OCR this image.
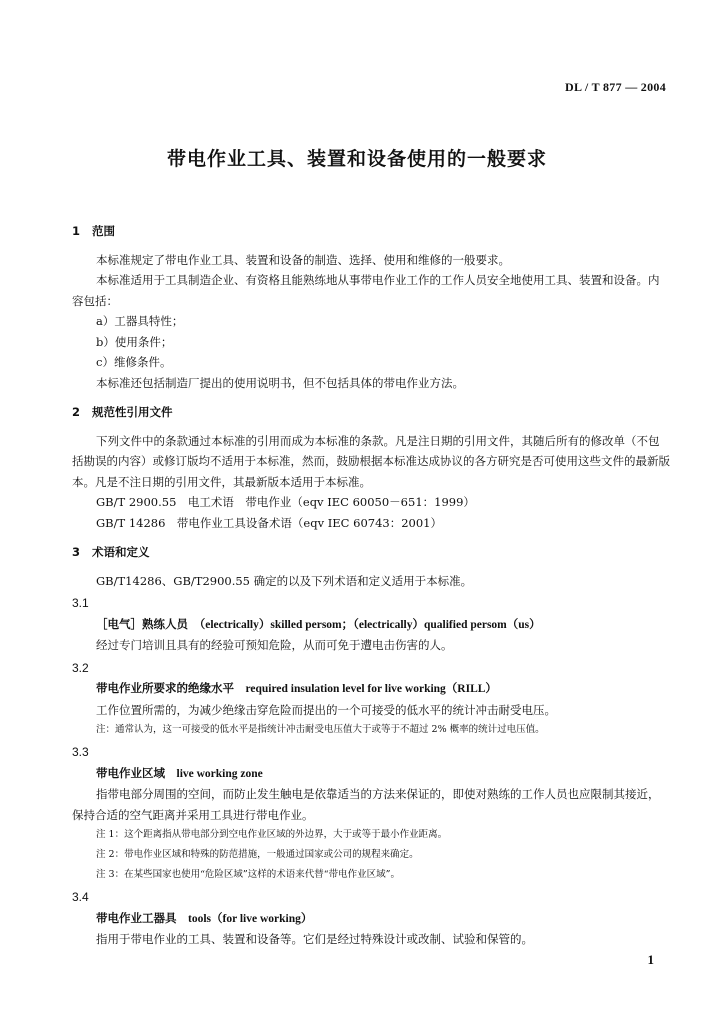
DL / T 877 — 2004
带电作业工具、装置和设备使用的一般要求
1 范围

本标准规定了带电作业工具、装置和设备的制造、选择、使用和维修的一般要求。

本标准适用于工具制造企业、有资格且能熟练地从事带电作业工作的工作人员安全地使用工具、装置和设备。内容包括：

a）工器具特性；

b）使用条件；

c）维修条件。

本标准还包括制造厂提出的使用说明书，但不包括具体的带电作业方法。

2 规范性引用文件

下列文件中的条款通过本标准的引用而成为本标准的条款。凡是注日期的引用文件，其随后所有的修改单（不包括勘误的内容）或修订版均不适用于本标准，然而，鼓励根据本标准达成协议的各方研究是否可使用这些文件的最新版本。凡是不注日期的引用文件，其最新版本适用于本标准。

GB/T 2900.55　电工术语　带电作业（eqv IEC 60050－651：1999）

GB/T 14286　带电作业工具设备术语（eqv IEC 60743：2001）

3 术语和定义

GB/T14286、GB/T2900.55 确定的以及下列术语和定义适用于本标准。

3.1

［电气］熟练人员　 （electrically）skilled persom；（electrically）qualified persom（us）

经过专门培训且具有的经验可预知危险，从而可免于遭电击伤害的人。

3.2

带电作业所要求的绝缘水平　 required insulation level for live working（RILL）

工作位置所需的，为减少绝缘击穿危险而提出的一个可接受的低水平的统计冲击耐受电压。

注：通常认为，这一可接受的低水平是指统计冲击耐受电压值大于或等于不超过 2% 概率的统计过电压值。

3.3

带电作业区域　 live working zone

指带电部分周围的空间，而防止发生触电是依靠适当的方法来保证的，即使对熟练的工作人员也应限制其接近，保持合适的空气距离并采用工具进行带电作业。

注 1：这个距离指从带电部分到空电作业区域的外边界，大于或等于最小作业距离。

注 2：带电作业区域和特殊的防范措施，一般通过国家或公司的规程来确定。

注 3：在某些国家也使用“危险区域”这样的术语来代替“带电作业区域”。

3.4

带电作业工器具　 tools（for live working）

指用于带电作业的工具、装置和设备等。它们是经过特殊设计或改制、试验和保管的。

1
